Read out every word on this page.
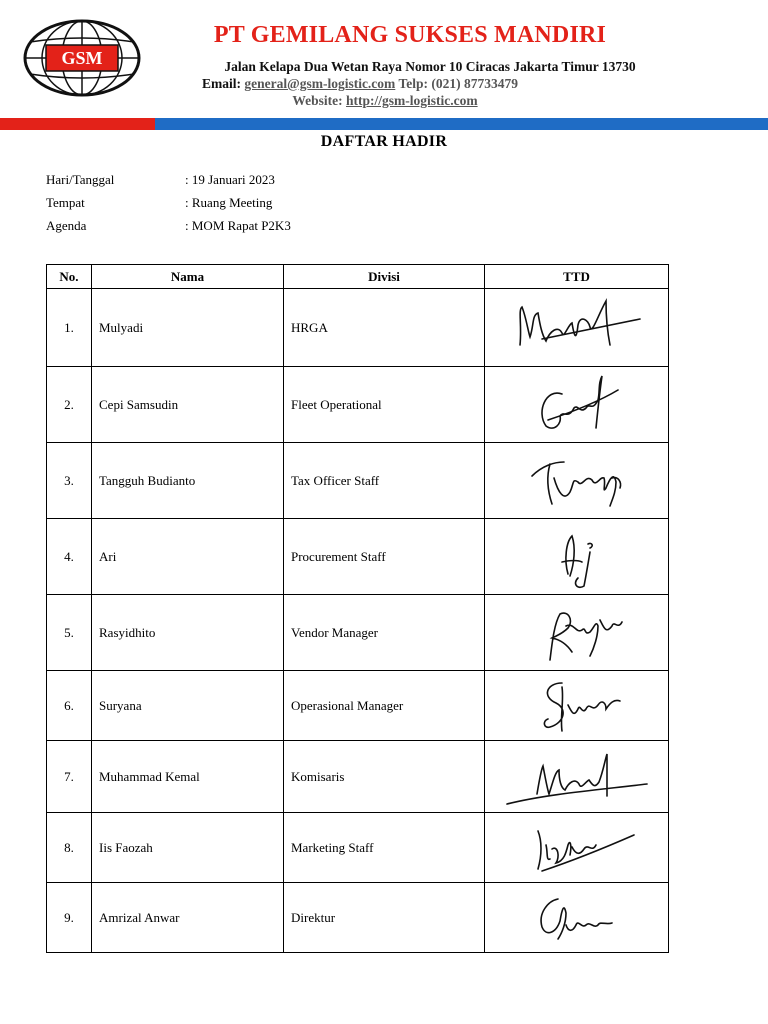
GSM
PT GEMILANG SUKSES MANDIRI
Jalan Kelapa Dua Wetan Raya Nomor 10 Ciracas Jakarta Timur 13730
Email: general@gsm-logistic.com Telp: (021) 87733479
Website: http://gsm-logistic.com
DAFTAR HADIR
Hari/Tanggal	: 19 Januari 2023
Tempat	: Ruang Meeting
Agenda	: MOM Rapat P2K3
No.	Nama	Divisi	TTD
1.	Mulyadi	HRGA	

2.	Cepi Samsudin	Fleet Operational	

3.	Tangguh Budianto	Tax Officer Staff	

4.	Ari	Procurement Staff	

5.	Rasyidhito	Vendor Manager	

6.	Suryana	Operasional Manager	

7.	Muhammad Kemal	Komisaris	

8.	Iis Faozah	Marketing Staff	

9.	Amrizal Anwar	Direktur	
